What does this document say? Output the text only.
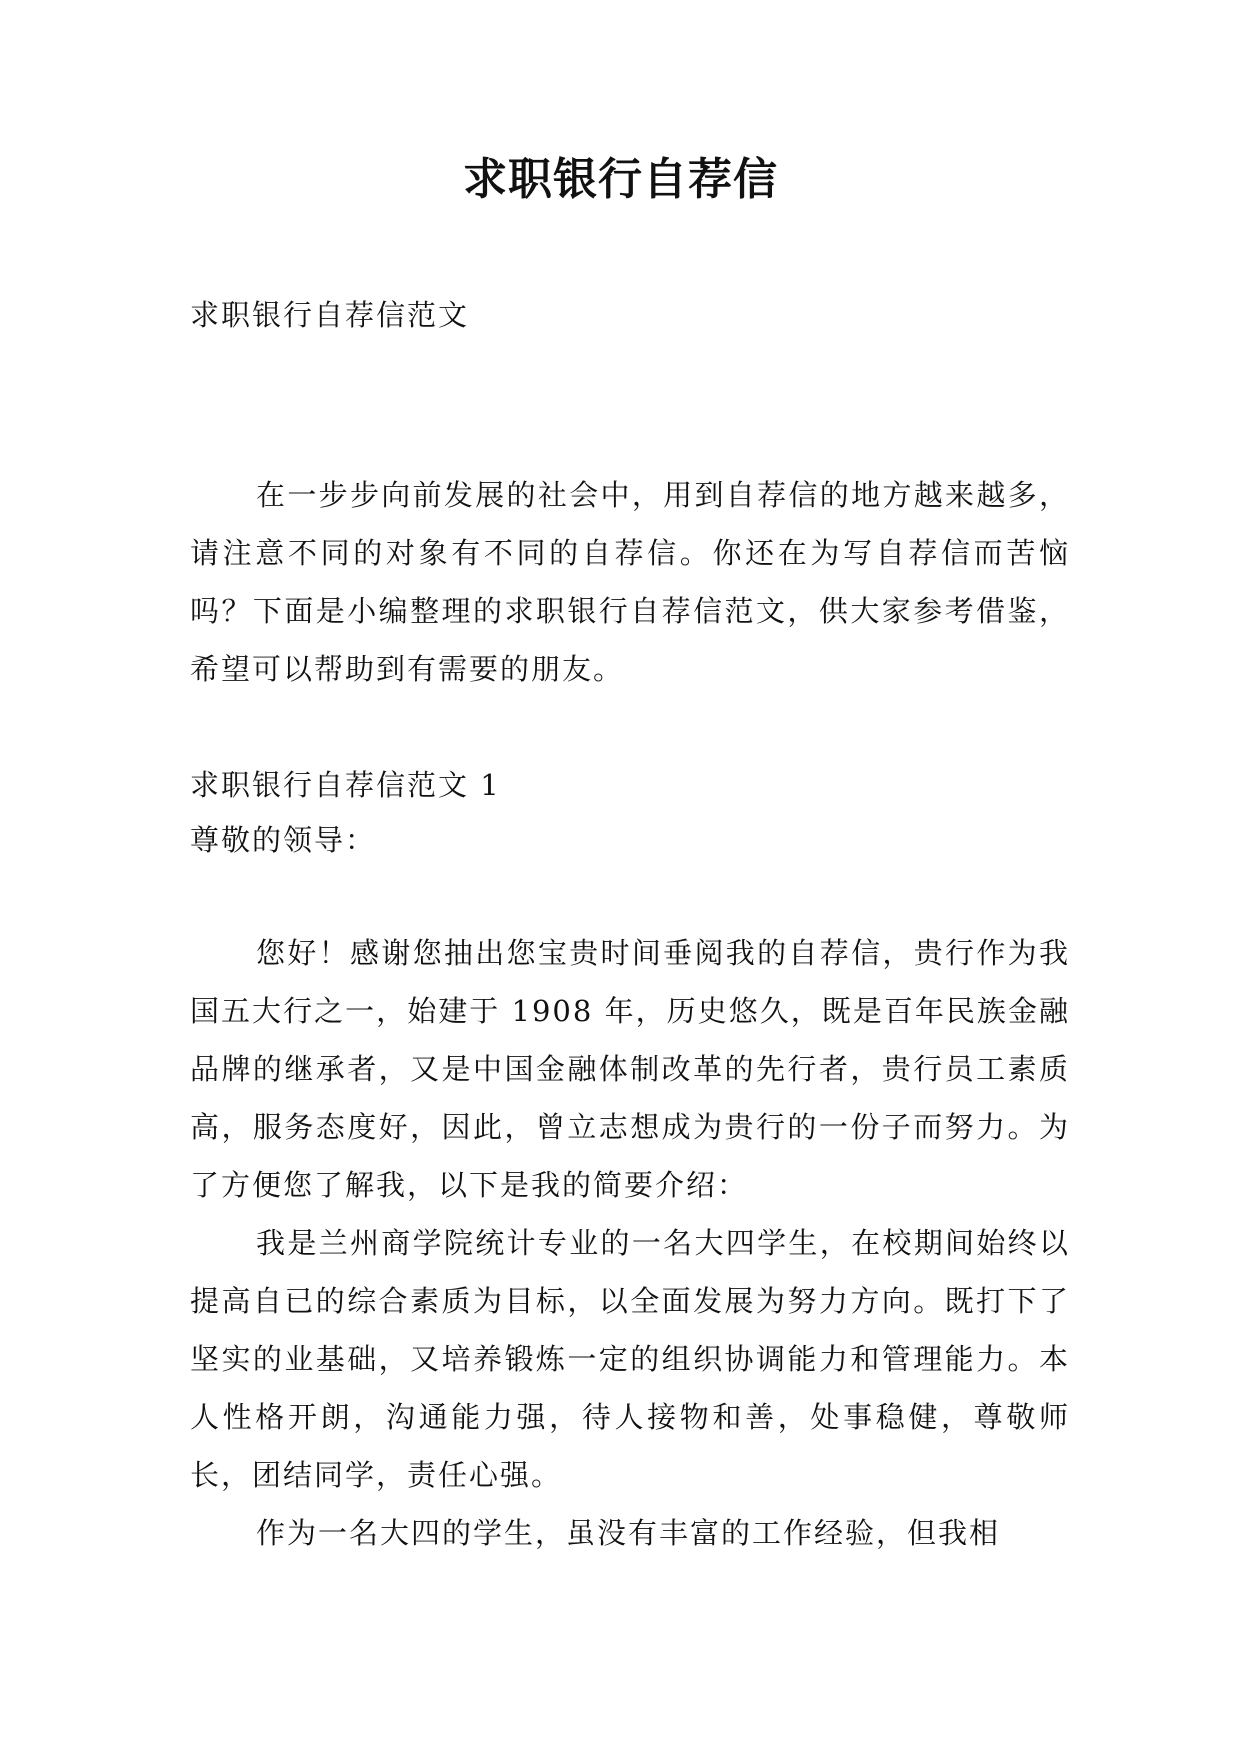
求职银行自荐信
求职银行自荐信范文

在一步步向前发展的社会中，用到自荐信的地方越来越多，请注意不同的对象有不同的自荐信。你还在为写自荐信而苦恼吗？下面是小编整理的求职银行自荐信范文，供大家参考借鉴，希望可以帮助到有需要的朋友。

求职银行自荐信范文 1
尊敬的领导：

您好！感谢您抽出您宝贵时间垂阅我的自荐信，贵行作为我国五大行之一，始建于 1908 年，历史悠久，既是百年民族金融品牌的继承者，又是中国金融体制改革的先行者，贵行员工素质高，服务态度好，因此，曾立志想成为贵行的一份子而努力。为了方便您了解我，以下是我的简要介绍：

我是兰州商学院统计专业的一名大四学生，在校期间始终以提高自已的综合素质为目标，以全面发展为努力方向。既打下了坚实的业基础，又培养锻炼一定的组织协调能力和管理能力。本人性格开朗，沟通能力强，待人接物和善，处事稳健，尊敬师长，团结同学，责任心强。

作为一名大四的学生，虽没有丰富的工作经验，但我相
